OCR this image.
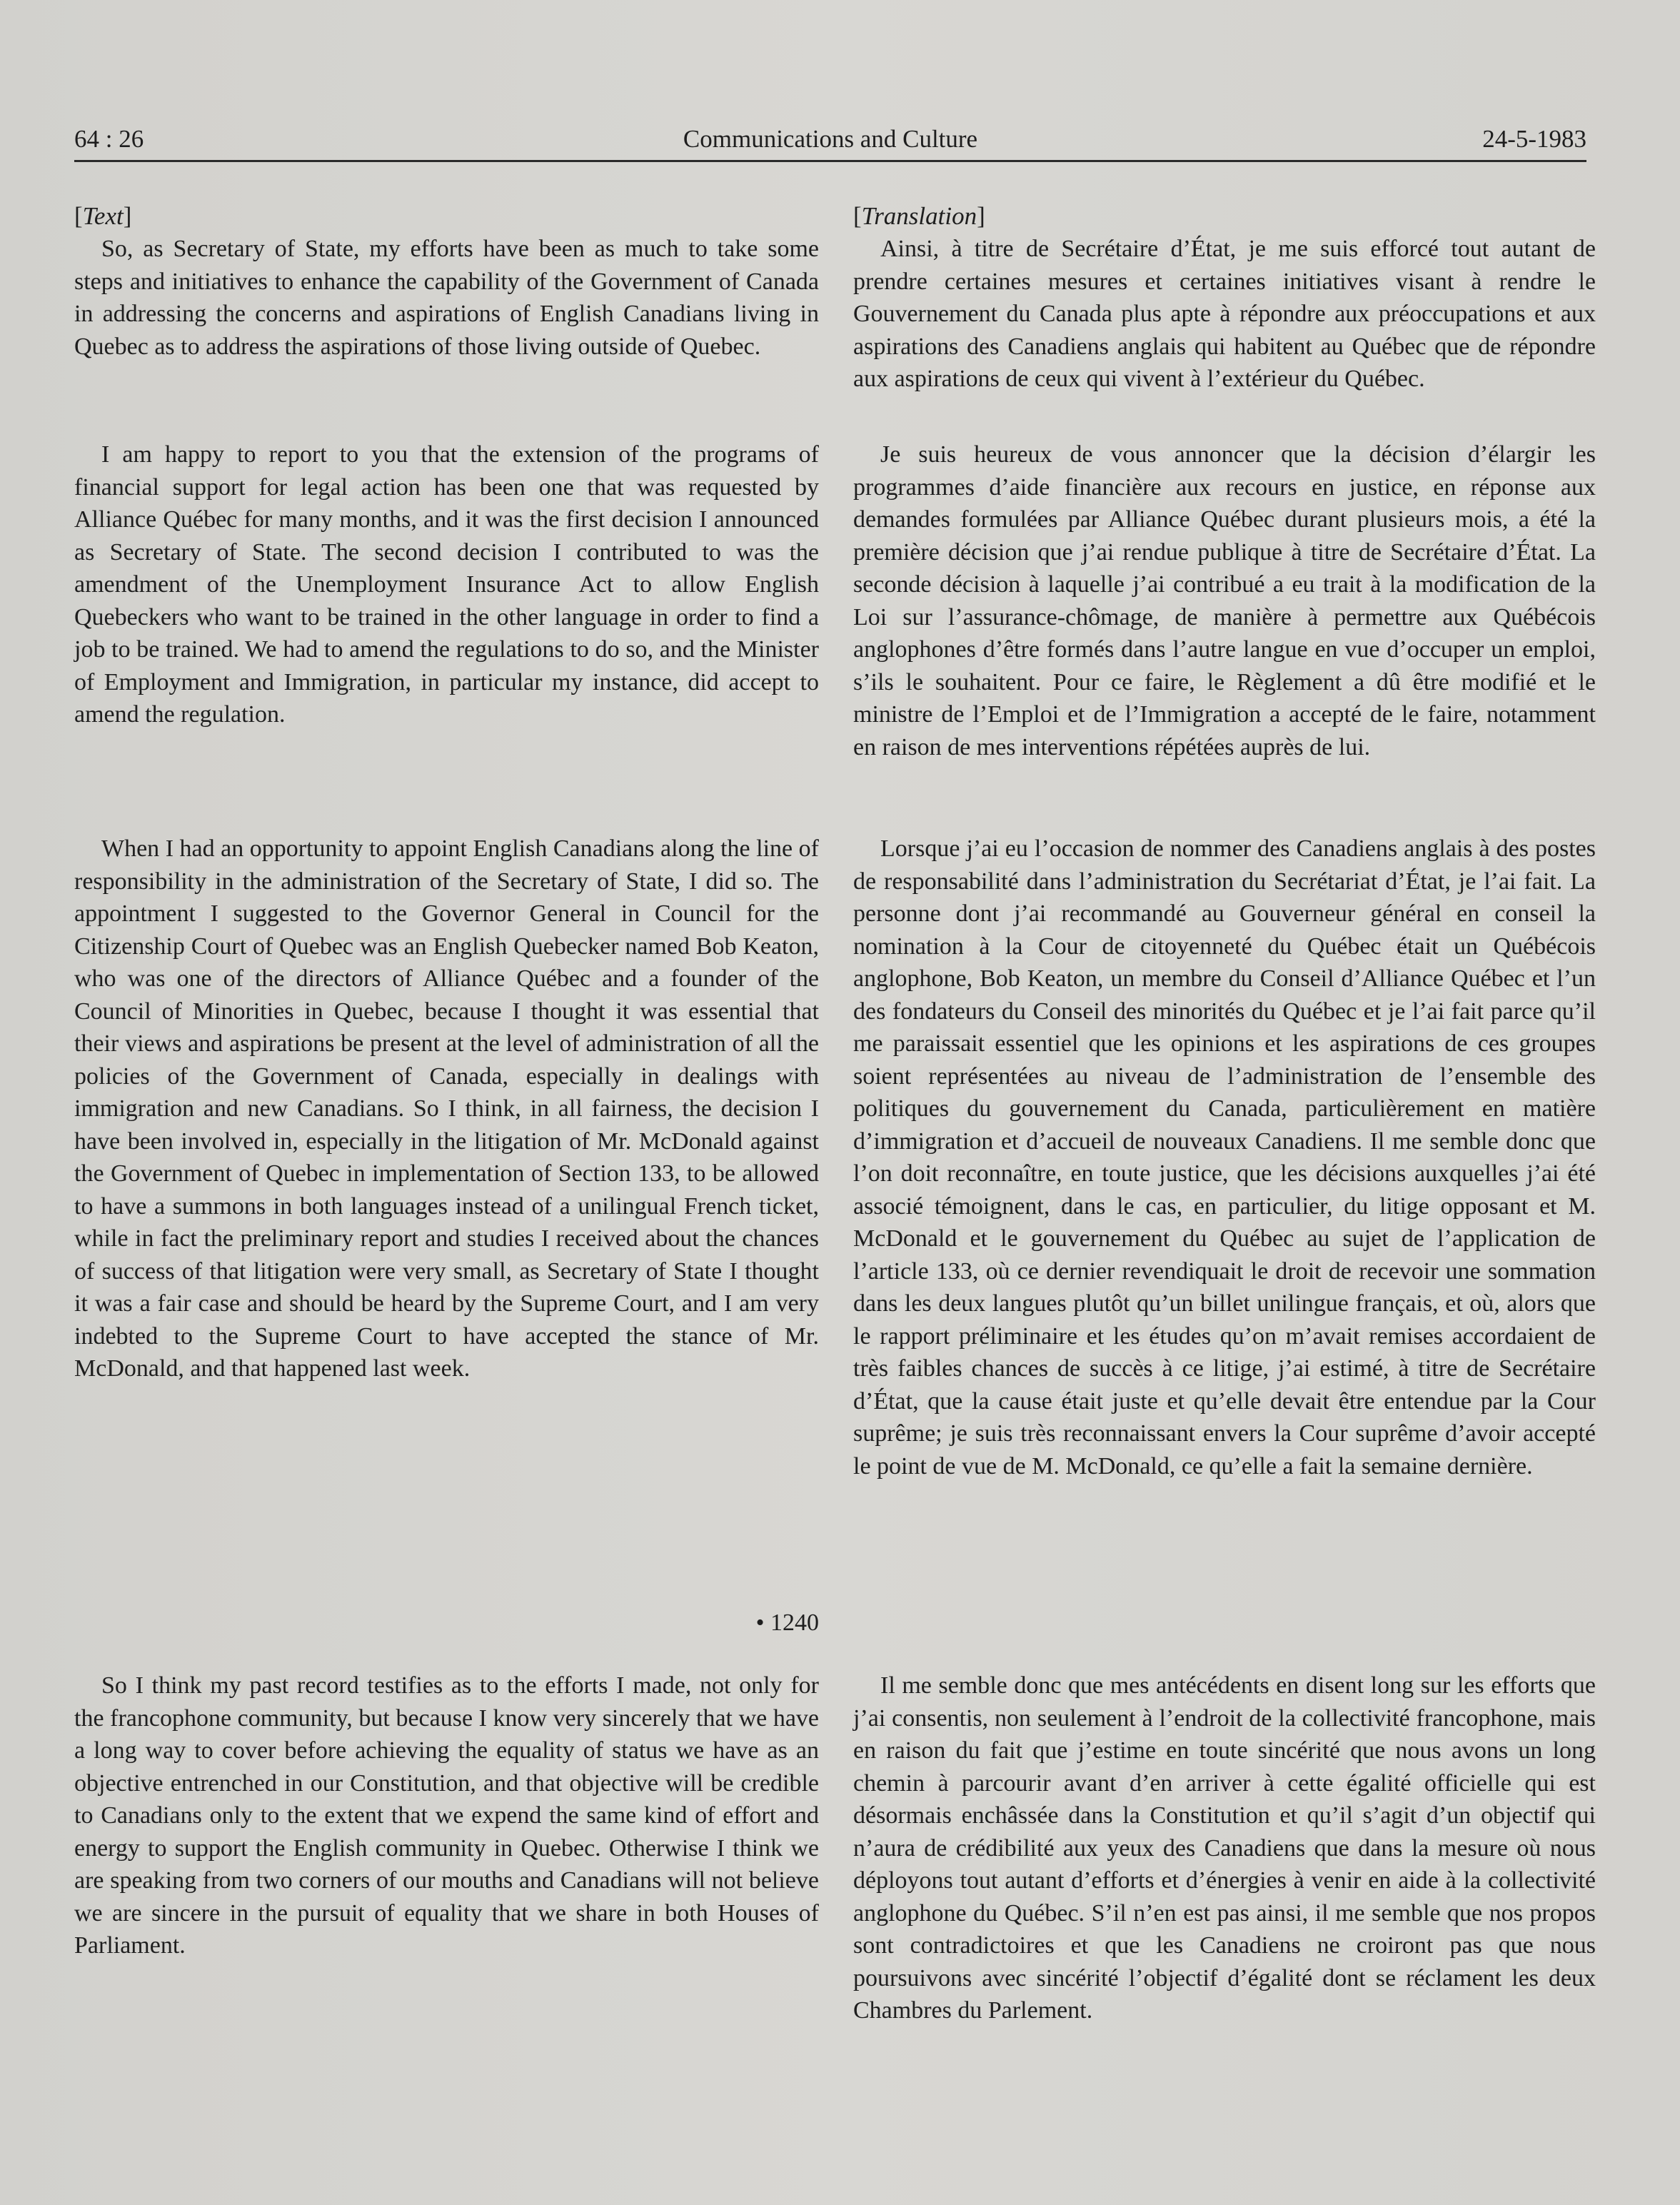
64 : 26	Communications and Culture	24-5-1983
[Text]

So, as Secretary of State, my efforts have been as much to take some steps and initiatives to enhance the capability of the Government of Canada in addressing the concerns and aspirations of English Canadians living in Quebec as to address the aspirations of those living outside of Quebec.

I am happy to report to you that the extension of the programs of financial support for legal action has been one that was requested by Alliance Québec for many months, and it was the first decision I announced as Secretary of State. The second decision I contributed to was the amendment of the Unemployment Insurance Act to allow English Quebeckers who want to be trained in the other language in order to find a job to be trained. We had to amend the regulations to do so, and the Minister of Employment and Immigration, in particular my instance, did accept to amend the regulation.

When I had an opportunity to appoint English Canadians along the line of responsibility in the administration of the Secretary of State, I did so. The appointment I suggested to the Governor General in Council for the Citizenship Court of Quebec was an English Quebecker named Bob Keaton, who was one of the directors of Alliance Québec and a founder of the Council of Minorities in Quebec, because I thought it was essential that their views and aspirations be present at the level of administration of all the policies of the Government of Canada, especially in dealings with immigration and new Canadians. So I think, in all fairness, the decision I have been involved in, especially in the litigation of Mr. McDonald against the Government of Quebec in implementation of Section 133, to be allowed to have a summons in both languages instead of a unilingual French ticket, while in fact the preliminary report and studies I received about the chances of success of that litigation were very small, as Secretary of State I thought it was a fair case and should be heard by the Supreme Court, and I am very indebted to the Supreme Court to have accepted the stance of Mr. McDonald, and that happened last week.

• 1240

So I think my past record testifies as to the efforts I made, not only for the francophone community, but because I know very sincerely that we have a long way to cover before achieving the equality of status we have as an objective entrenched in our Constitution, and that objective will be credible to Canadians only to the extent that we expend the same kind of effort and energy to support the English community in Quebec. Otherwise I think we are speaking from two corners of our mouths and Canadians will not believe we are sincere in the pursuit of equality that we share in both Houses of Parliament.

[Translation]

Ainsi, à titre de Secrétaire d’État, je me suis efforcé tout autant de prendre certaines mesures et certaines initiatives visant à rendre le Gouvernement du Canada plus apte à répondre aux préoccupations et aux aspirations des Canadiens anglais qui habitent au Québec que de répondre aux aspirations de ceux qui vivent à l’extérieur du Québec.

Je suis heureux de vous annoncer que la décision d’élargir les programmes d’aide financière aux recours en justice, en réponse aux demandes formulées par Alliance Québec durant plusieurs mois, a été la première décision que j’ai rendue publique à titre de Secrétaire d’État. La seconde décision à laquelle j’ai contribué a eu trait à la modification de la Loi sur l’assurance-chômage, de manière à permettre aux Québécois anglophones d’être formés dans l’autre langue en vue d’occuper un emploi, s’ils le souhaitent. Pour ce faire, le Règlement a dû être modifié et le ministre de l’Emploi et de l’Immigration a accepté de le faire, notamment en raison de mes interventions répétées auprès de lui.

Lorsque j’ai eu l’occasion de nommer des Canadiens anglais à des postes de responsabilité dans l’administration du Secrétariat d’État, je l’ai fait. La personne dont j’ai recommandé au Gouverneur général en conseil la nomination à la Cour de citoyenneté du Québec était un Québécois anglophone, Bob Keaton, un membre du Conseil d’Alliance Québec et l’un des fondateurs du Conseil des minorités du Québec et je l’ai fait parce qu’il me paraissait essentiel que les opinions et les aspirations de ces groupes soient représentées au niveau de l’administration de l’ensemble des politiques du gouvernement du Canada, particulièrement en matière d’immigration et d’accueil de nouveaux Canadiens. Il me semble donc que l’on doit reconnaître, en toute justice, que les décisions auxquelles j’ai été associé témoignent, dans le cas, en particulier, du litige opposant et M. McDonald et le gouvernement du Québec au sujet de l’application de l’article 133, où ce dernier revendiquait le droit de recevoir une sommation dans les deux langues plutôt qu’un billet unilingue français, et où, alors que le rapport préliminaire et les études qu’on m’avait remises accordaient de très faibles chances de succès à ce litige, j’ai estimé, à titre de Secrétaire d’État, que la cause était juste et qu’elle devait être entendue par la Cour suprême; je suis très reconnaissant envers la Cour suprême d’avoir accepté le point de vue de M. McDonald, ce qu’elle a fait la semaine dernière.

Il me semble donc que mes antécédents en disent long sur les efforts que j’ai consentis, non seulement à l’endroit de la collectivité francophone, mais en raison du fait que j’estime en toute sincérité que nous avons un long chemin à parcourir avant d’en arriver à cette égalité officielle qui est désormais enchâssée dans la Constitution et qu’il s’agit d’un objectif qui n’aura de crédibilité aux yeux des Canadiens que dans la mesure où nous déployons tout autant d’efforts et d’énergies à venir en aide à la collectivité anglophone du Québec. S’il n’en est pas ainsi, il me semble que nos propos sont contradictoires et que les Canadiens ne croiront pas que nous poursuivons avec sincérité l’objectif d’égalité dont se réclament les deux Chambres du Parlement.
